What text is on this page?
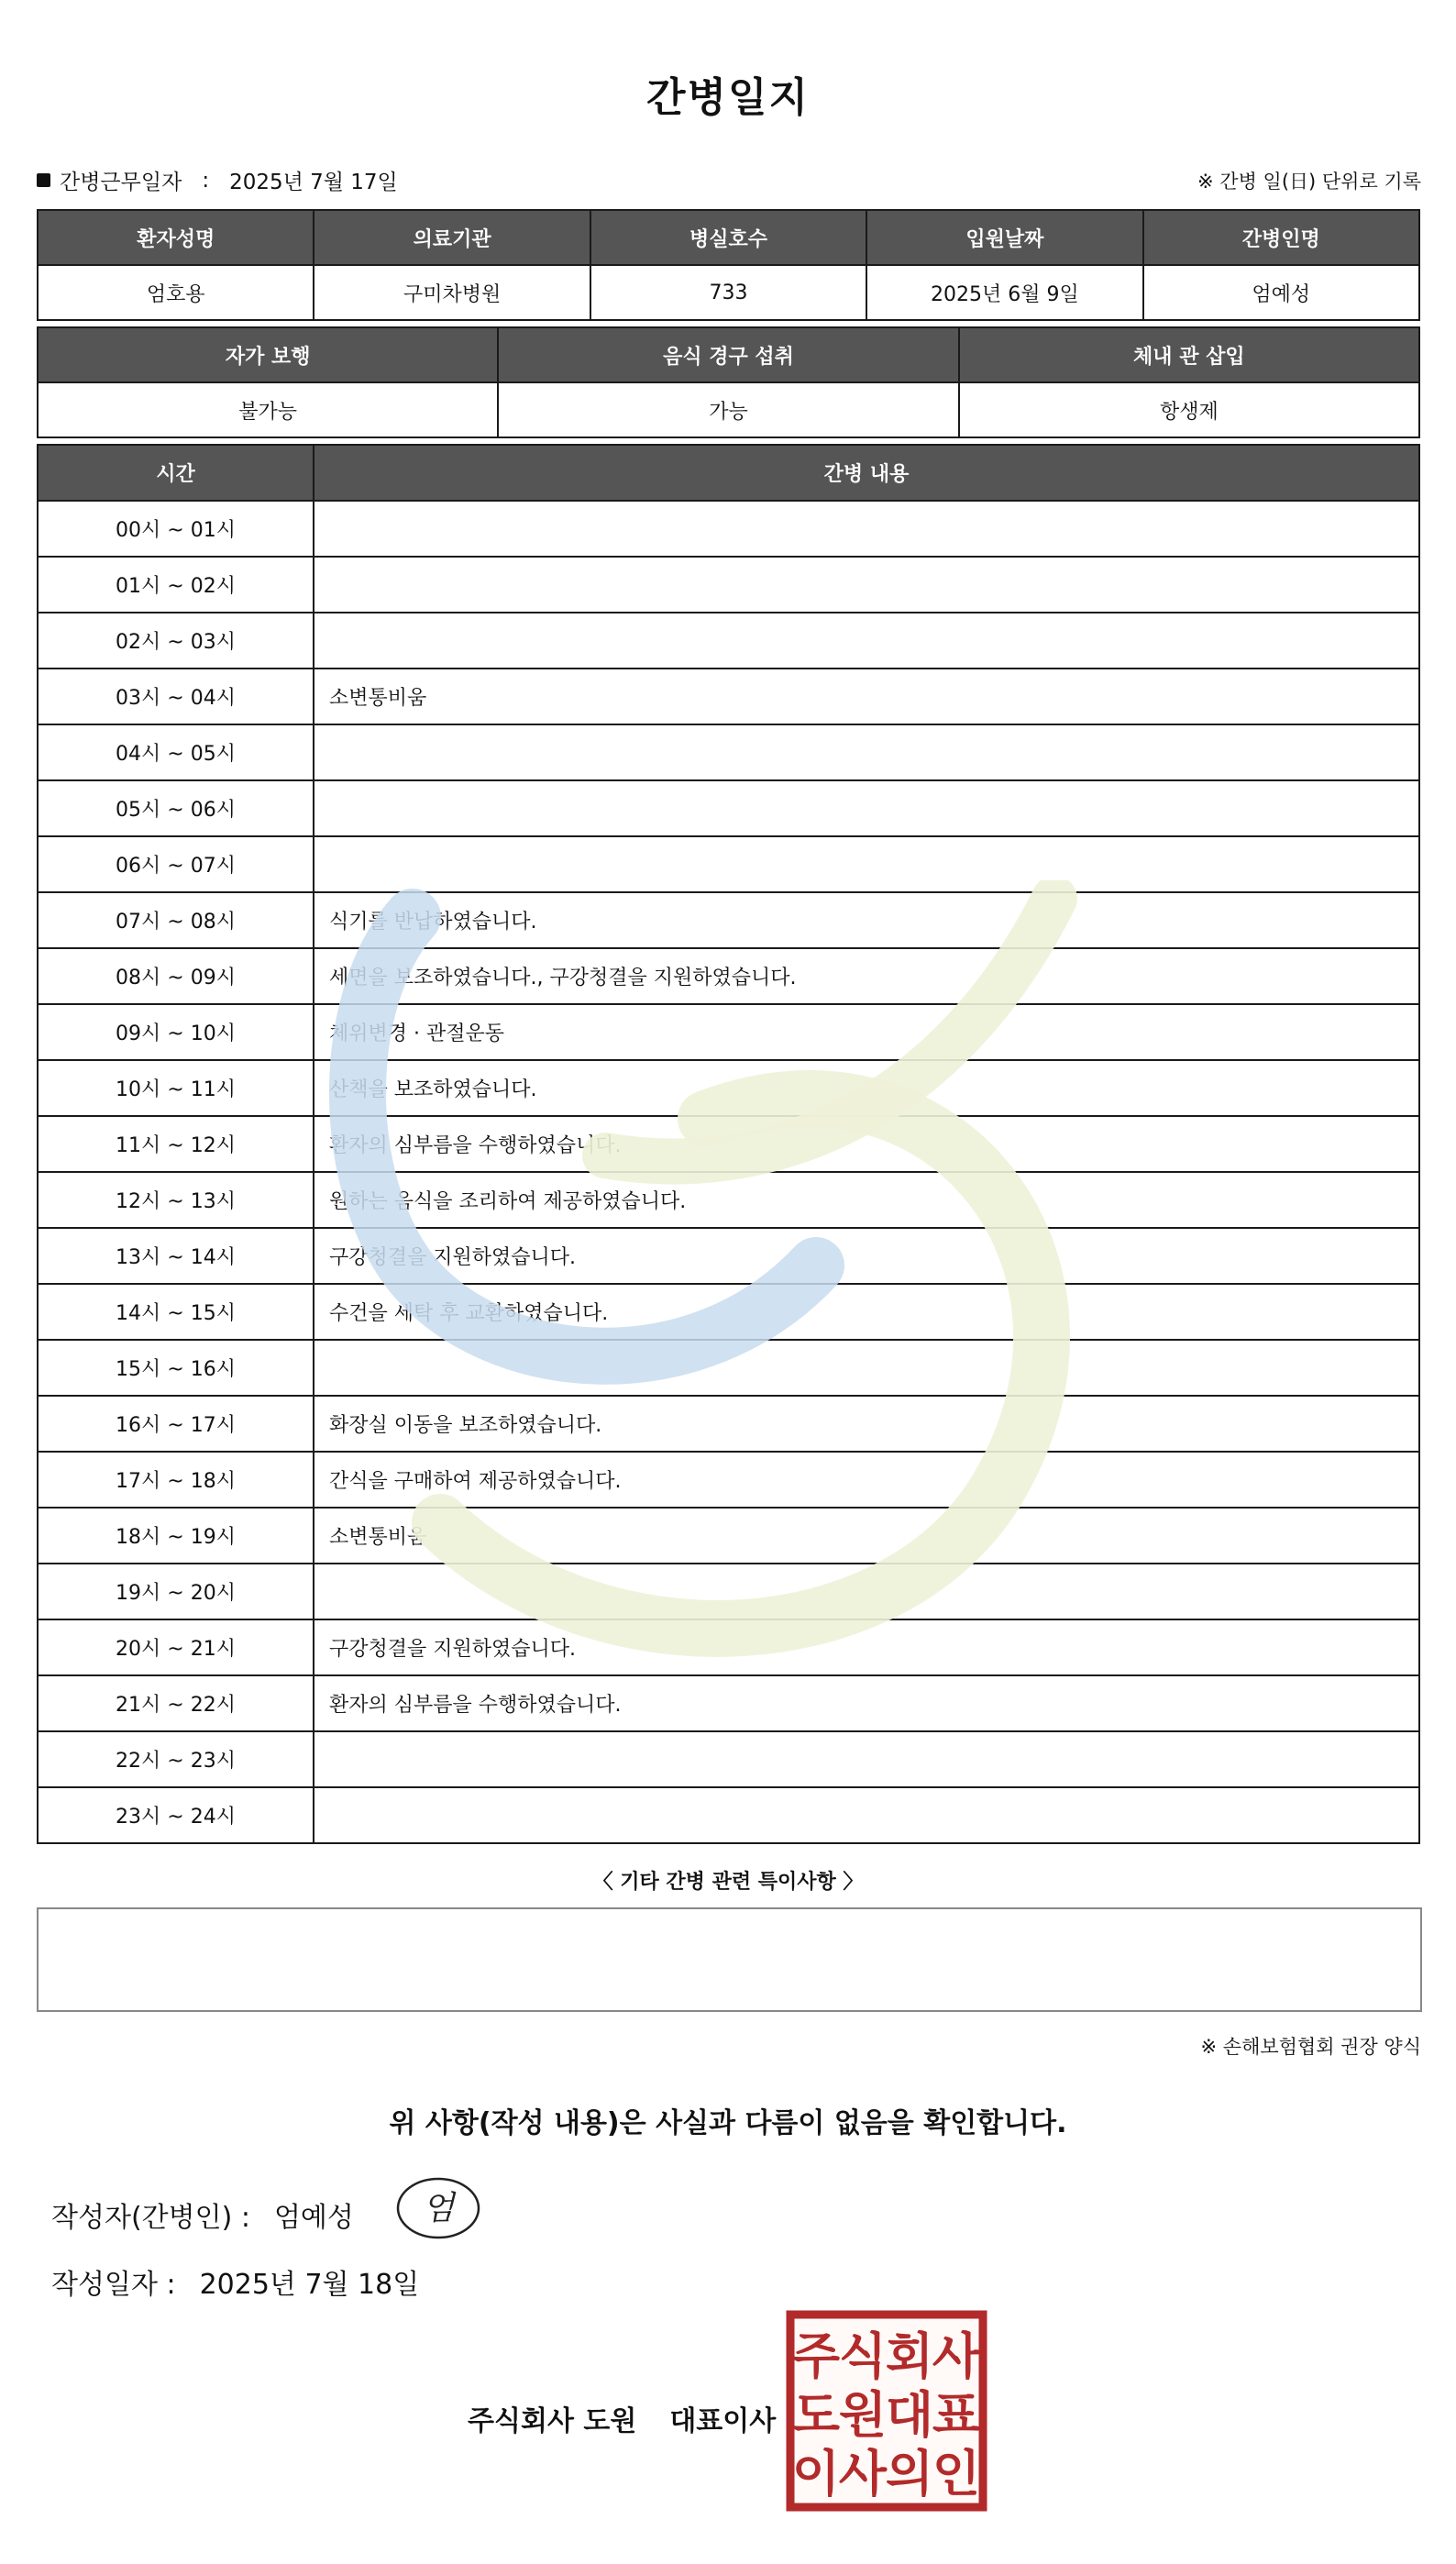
간병일지
간병근무일자 : 2025년 7월 17일	※ 간병 일(日) 단위로 기록
환자성명	의료기관	병실호수	입원날짜	간병인명
엄호용	구미차병원	733	2025년 6월 9일	엄예성
자가 보행	음식 경구 섭취	체내 관 삽입
불가능	가능	항생제
시간	간병 내용
00시 ~ 01시	
01시 ~ 02시	
02시 ~ 03시	
03시 ~ 04시	소변통비움
04시 ~ 05시	
05시 ~ 06시	
06시 ~ 07시	
07시 ~ 08시	식기를 반납하였습니다.
08시 ~ 09시	세면을 보조하였습니다., 구강청결을 지원하였습니다.
09시 ~ 10시	체위변경 · 관절운동
10시 ~ 11시	산책을 보조하였습니다.
11시 ~ 12시	환자의 심부름을 수행하였습니다.
12시 ~ 13시	원하는 음식을 조리하여 제공하였습니다.
13시 ~ 14시	구강청결을 지원하였습니다.
14시 ~ 15시	수건을 세탁 후 교환하였습니다.
15시 ~ 16시	
16시 ~ 17시	화장실 이동을 보조하였습니다.
17시 ~ 18시	간식을 구매하여 제공하였습니다.
18시 ~ 19시	소변통비움
19시 ~ 20시	
20시 ~ 21시	구강청결을 지원하였습니다.
21시 ~ 22시	환자의 심부름을 수행하였습니다.
22시 ~ 23시	
23시 ~ 24시	
〈 기타 간병 관련 특이사항 〉
※ 손해보험협회 권장 양식
위 사항(작성 내용)은 사실과 다름이 없음을 확인합니다.
작성자(간병인) : 엄예성 엄
작성일자 : 2025년 7월 18일
주식회사 도원 대표이사
주
식
회
사
도
원
대
표
이
사
의
인
